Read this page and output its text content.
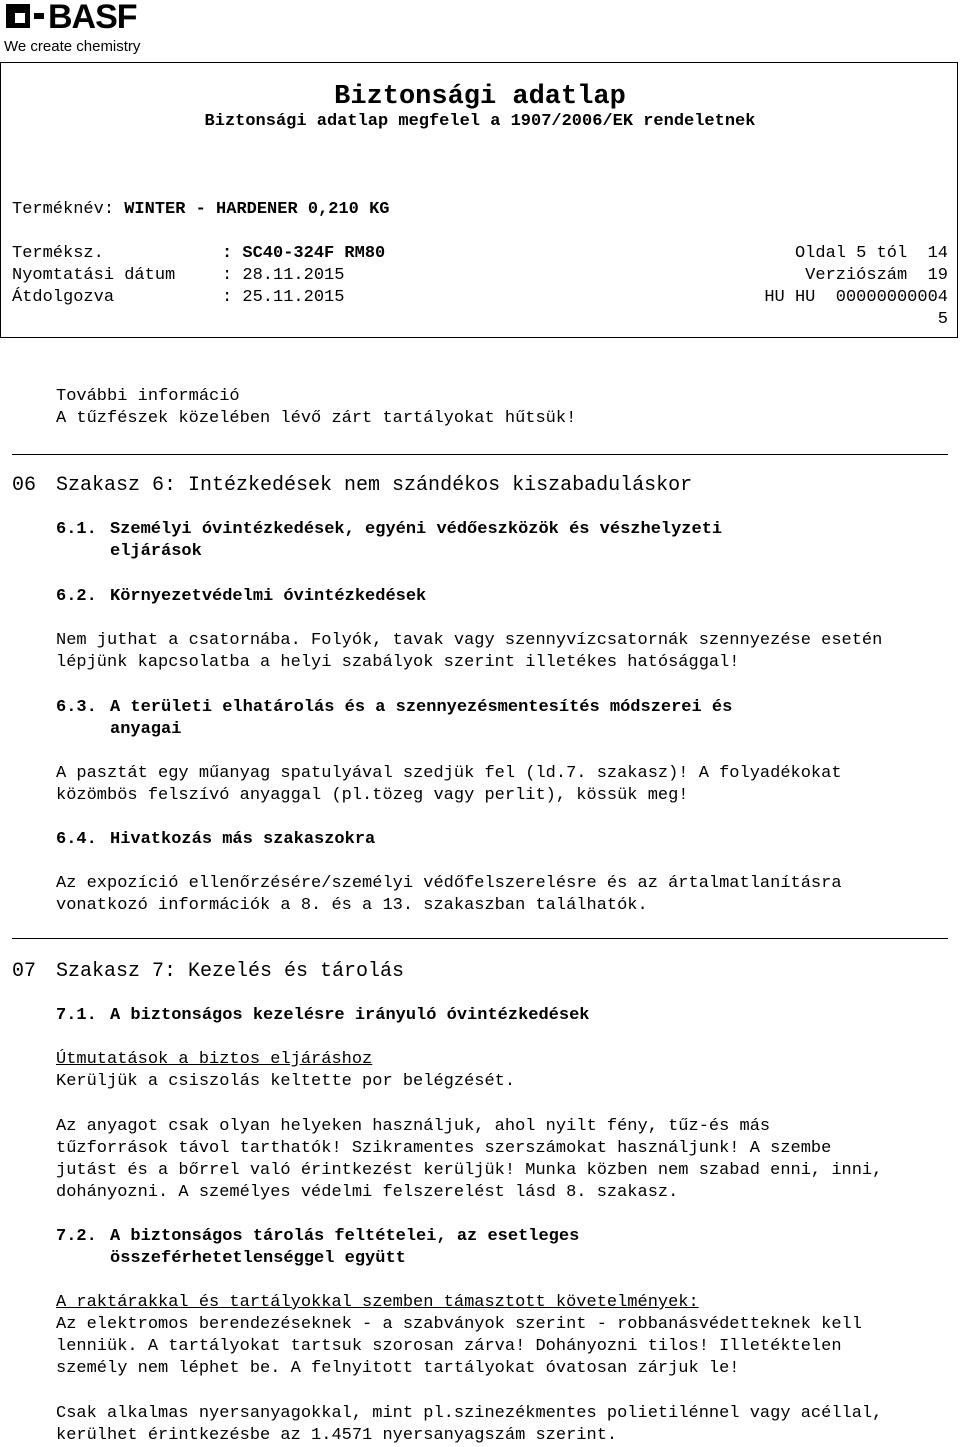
BASF
We create chemistry
Biztonsági adatlap
Biztonsági adatlap megfelel a 1907/2006/EK rendeletnek
Terméknév: WINTER - HARDENER 0,210 KG
Terméksz.	: SC40-324F RM80	Oldal 5 tól  14
Nyomtatási dátum	: 28.11.2015	Verziószám  19
Átdolgozva	: 25.11.2015	HU HU  00000000004
5
További információ
A tűzfészek közelében lévő zárt tartályokat hűtsük!
06 Szakasz 6: Intézkedések nem szándékos kiszabaduláskor
6.1. Személyi óvintézkedések, egyéni védőeszközök és vészhelyzeti
eljárások
6.2. Környezetvédelmi óvintézkedések
Nem juthat a csatornába. Folyók, tavak vagy szennyvízcsatornák szennyezése esetén
lépjünk kapcsolatba a helyi szabályok szerint illetékes hatósággal!
6.3. A területi elhatárolás és a szennyezésmentesítés módszerei és
anyagai
A pasztát egy műanyag spatulyával szedjük fel (ld.7. szakasz)! A folyadékokat
közömbös felszívó anyaggal (pl.tözeg vagy perlit), kössük meg!
6.4. Hivatkozás más szakaszokra
Az expozíció ellenőrzésére/személyi védőfelszerelésre és az ártalmatlanításra
vonatkozó információk a 8. és a 13. szakaszban találhatók.
07 Szakasz 7: Kezelés és tárolás
7.1. A biztonságos kezelésre irányuló óvintézkedések
Útmutatások a biztos eljáráshoz
Kerüljük a csiszolás keltette por belégzését.
Az anyagot csak olyan helyeken használjuk, ahol nyilt fény, tűz-és más
tűzforrások távol tarthatók! Szikramentes szerszámokat használjunk! A szembe
jutást és a bőrrel való érintkezést kerüljük! Munka közben nem szabad enni, inni,
dohányozni. A személyes védelmi felszerelést lásd 8. szakasz.
7.2. A biztonságos tárolás feltételei, az esetleges
összeférhetetlenséggel együtt
A raktárakkal és tartályokkal szemben támasztott követelmények:
Az elektromos berendezéseknek - a szabványok szerint - robbanásvédetteknek kell
lenniük. A tartályokat tartsuk szorosan zárva! Dohányozni tilos! Illetéktelen
személy nem léphet be. A felnyitott tartályokat óvatosan zárjuk le!
Csak alkalmas nyersanyagokkal, mint pl.szinezékmentes polietilénnel vagy acéllal,
kerülhet érintkezésbe az 1.4571 nyersanyagszám szerint.
